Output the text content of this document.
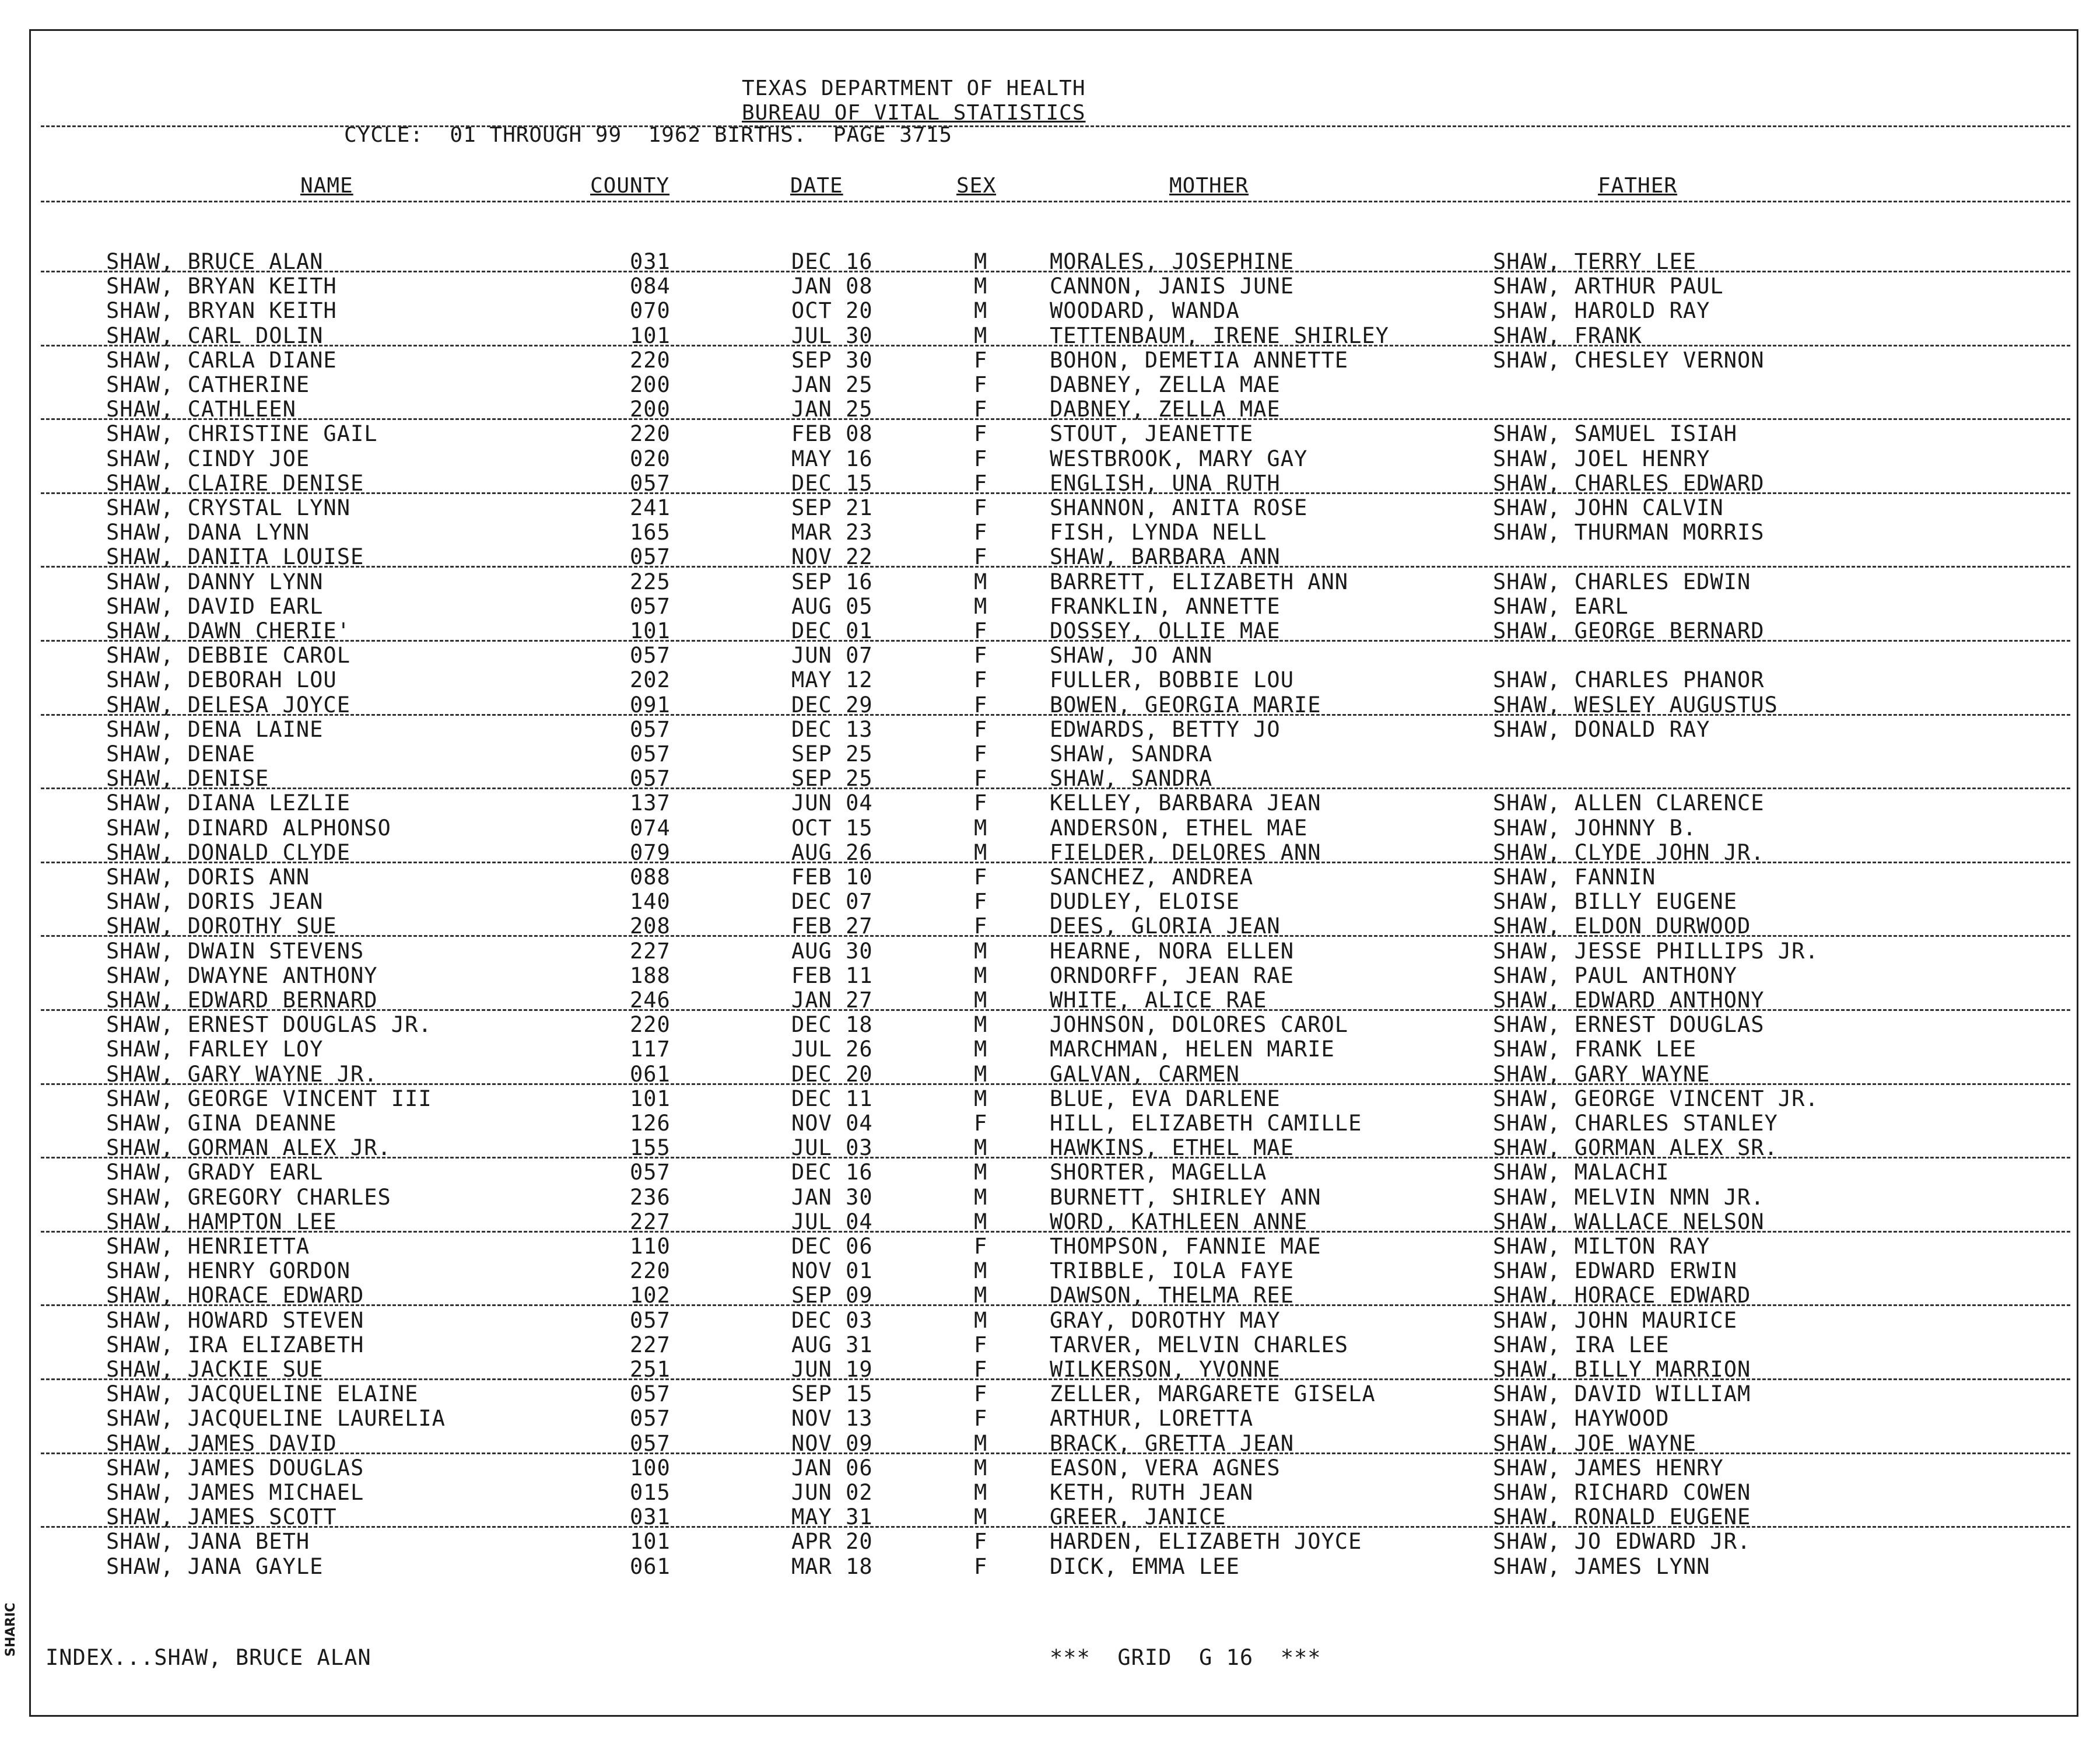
TEXAS DEPARTMENT OF HEALTH
BUREAU OF VITAL STATISTICS
CYCLE:  01 THROUGH 99  1962 BIRTHS.  PAGE 3715
NAME	COUNTY	DATE	SEX	MOTHER	FATHER
SHAW, BRUCE ALAN	031	DEC 16	M	MORALES, JOSEPHINE	SHAW, TERRY LEE
SHAW, BRYAN KEITH	084	JAN 08	M	CANNON, JANIS JUNE	SHAW, ARTHUR PAUL
SHAW, BRYAN KEITH	070	OCT 20	M	WOODARD, WANDA	SHAW, HAROLD RAY
SHAW, CARL DOLIN	101	JUL 30	M	TETTENBAUM, IRENE SHIRLEY	SHAW, FRANK
SHAW, CARLA DIANE	220	SEP 30	F	BOHON, DEMETIA ANNETTE	SHAW, CHESLEY VERNON
SHAW, CATHERINE	200	JAN 25	F	DABNEY, ZELLA MAE
SHAW, CATHLEEN	200	JAN 25	F	DABNEY, ZELLA MAE
SHAW, CHRISTINE GAIL	220	FEB 08	F	STOUT, JEANETTE	SHAW, SAMUEL ISIAH
SHAW, CINDY JOE	020	MAY 16	F	WESTBROOK, MARY GAY	SHAW, JOEL HENRY
SHAW, CLAIRE DENISE	057	DEC 15	F	ENGLISH, UNA RUTH	SHAW, CHARLES EDWARD
SHAW, CRYSTAL LYNN	241	SEP 21	F	SHANNON, ANITA ROSE	SHAW, JOHN CALVIN
SHAW, DANA LYNN	165	MAR 23	F	FISH, LYNDA NELL	SHAW, THURMAN MORRIS
SHAW, DANITA LOUISE	057	NOV 22	F	SHAW, BARBARA ANN
SHAW, DANNY LYNN	225	SEP 16	M	BARRETT, ELIZABETH ANN	SHAW, CHARLES EDWIN
SHAW, DAVID EARL	057	AUG 05	M	FRANKLIN, ANNETTE	SHAW, EARL
SHAW, DAWN CHERIE'	101	DEC 01	F	DOSSEY, OLLIE MAE	SHAW, GEORGE BERNARD
SHAW, DEBBIE CAROL	057	JUN 07	F	SHAW, JO ANN
SHAW, DEBORAH LOU	202	MAY 12	F	FULLER, BOBBIE LOU	SHAW, CHARLES PHANOR
SHAW, DELESA JOYCE	091	DEC 29	F	BOWEN, GEORGIA MARIE	SHAW, WESLEY AUGUSTUS
SHAW, DENA LAINE	057	DEC 13	F	EDWARDS, BETTY JO	SHAW, DONALD RAY
SHAW, DENAE	057	SEP 25	F	SHAW, SANDRA
SHAW, DENISE	057	SEP 25	F	SHAW, SANDRA
SHAW, DIANA LEZLIE	137	JUN 04	F	KELLEY, BARBARA JEAN	SHAW, ALLEN CLARENCE
SHAW, DINARD ALPHONSO	074	OCT 15	M	ANDERSON, ETHEL MAE	SHAW, JOHNNY B.
SHAW, DONALD CLYDE	079	AUG 26	M	FIELDER, DELORES ANN	SHAW, CLYDE JOHN JR.
SHAW, DORIS ANN	088	FEB 10	F	SANCHEZ, ANDREA	SHAW, FANNIN
SHAW, DORIS JEAN	140	DEC 07	F	DUDLEY, ELOISE	SHAW, BILLY EUGENE
SHAW, DOROTHY SUE	208	FEB 27	F	DEES, GLORIA JEAN	SHAW, ELDON DURWOOD
SHAW, DWAIN STEVENS	227	AUG 30	M	HEARNE, NORA ELLEN	SHAW, JESSE PHILLIPS JR.
SHAW, DWAYNE ANTHONY	188	FEB 11	M	ORNDORFF, JEAN RAE	SHAW, PAUL ANTHONY
SHAW, EDWARD BERNARD	246	JAN 27	M	WHITE, ALICE RAE	SHAW, EDWARD ANTHONY
SHAW, ERNEST DOUGLAS JR.	220	DEC 18	M	JOHNSON, DOLORES CAROL	SHAW, ERNEST DOUGLAS
SHAW, FARLEY LOY	117	JUL 26	M	MARCHMAN, HELEN MARIE	SHAW, FRANK LEE
SHAW, GARY WAYNE JR.	061	DEC 20	M	GALVAN, CARMEN	SHAW, GARY WAYNE
SHAW, GEORGE VINCENT III	101	DEC 11	M	BLUE, EVA DARLENE	SHAW, GEORGE VINCENT JR.
SHAW, GINA DEANNE	126	NOV 04	F	HILL, ELIZABETH CAMILLE	SHAW, CHARLES STANLEY
SHAW, GORMAN ALEX JR.	155	JUL 03	M	HAWKINS, ETHEL MAE	SHAW, GORMAN ALEX SR.
SHAW, GRADY EARL	057	DEC 16	M	SHORTER, MAGELLA	SHAW, MALACHI
SHAW, GREGORY CHARLES	236	JAN 30	M	BURNETT, SHIRLEY ANN	SHAW, MELVIN NMN JR.
SHAW, HAMPTON LEE	227	JUL 04	M	WORD, KATHLEEN ANNE	SHAW, WALLACE NELSON
SHAW, HENRIETTA	110	DEC 06	F	THOMPSON, FANNIE MAE	SHAW, MILTON RAY
SHAW, HENRY GORDON	220	NOV 01	M	TRIBBLE, IOLA FAYE	SHAW, EDWARD ERWIN
SHAW, HORACE EDWARD	102	SEP 09	M	DAWSON, THELMA REE	SHAW, HORACE EDWARD
SHAW, HOWARD STEVEN	057	DEC 03	M	GRAY, DOROTHY MAY	SHAW, JOHN MAURICE
SHAW, IRA ELIZABETH	227	AUG 31	F	TARVER, MELVIN CHARLES	SHAW, IRA LEE
SHAW, JACKIE SUE	251	JUN 19	F	WILKERSON, YVONNE	SHAW, BILLY MARRION
SHAW, JACQUELINE ELAINE	057	SEP 15	F	ZELLER, MARGARETE GISELA	SHAW, DAVID WILLIAM
SHAW, JACQUELINE LAURELIA	057	NOV 13	F	ARTHUR, LORETTA	SHAW, HAYWOOD
SHAW, JAMES DAVID	057	NOV 09	M	BRACK, GRETTA JEAN	SHAW, JOE WAYNE
SHAW, JAMES DOUGLAS	100	JAN 06	M	EASON, VERA AGNES	SHAW, JAMES HENRY
SHAW, JAMES MICHAEL	015	JUN 02	M	KETH, RUTH JEAN	SHAW, RICHARD COWEN
SHAW, JAMES SCOTT	031	MAY 31	M	GREER, JANICE	SHAW, RONALD EUGENE
SHAW, JANA BETH	101	APR 20	F	HARDEN, ELIZABETH JOYCE	SHAW, JO EDWARD JR.
SHAW, JANA GAYLE	061	MAR 18	F	DICK, EMMA LEE	SHAW, JAMES LYNN
INDEX...SHAW, BRUCE ALAN	***  GRID  G 16  ***
SHARIC
